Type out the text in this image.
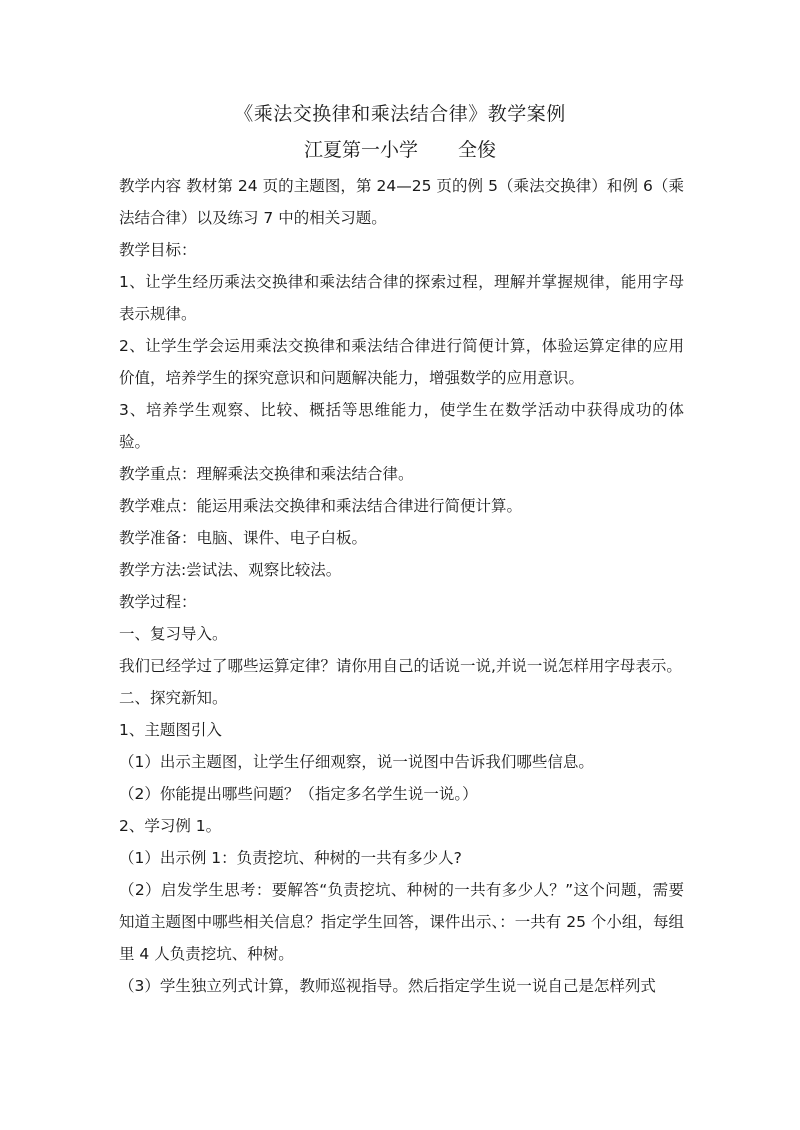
《乘法交换律和乘法结合律》教学案例
江夏第一小学 全俊

教学内容 教材第 24 页的主题图，第 24—25 页的例 5（乘法交换律）和例 6（乘法结合律）以及练习 7 中的相关习题。

教学目标：

1、让学生经历乘法交换律和乘法结合律的探索过程，理解并掌握规律，能用字母表示规律。

2、让学生学会运用乘法交换律和乘法结合律进行简便计算，体验运算定律的应用价值，培养学生的探究意识和问题解决能力，增强数学的应用意识。

3、培养学生观察、比较、概括等思维能力，使学生在数学活动中获得成功的体验。

教学重点：理解乘法交换律和乘法结合律。

教学难点：能运用乘法交换律和乘法结合律进行简便计算。

教学准备：电脑、课件、电子白板。

教学方法:尝试法、观察比较法。

教学过程：

一、复习导入。

我们已经学过了哪些运算定律？请你用自己的话说一说,并说一说怎样用字母表示。

二、探究新知。

1、主题图引入

（1）出示主题图，让学生仔细观察，说一说图中告诉我们哪些信息。

（2）你能提出哪些问题？（指定多名学生说一说。）

2、学习例 1。

（1）出示例 1：负责挖坑、种树的一共有多少人?

（2）启发学生思考：要解答“负责挖坑、种树的一共有多少人？”这个问题，需要知道主题图中哪些相关信息？指定学生回答，课件出示、：一共有 25 个小组，每组里 4 人负责挖坑、种树。

（3）学生独立列式计算，教师巡视指导。然后指定学生说一说自己是怎样列式
